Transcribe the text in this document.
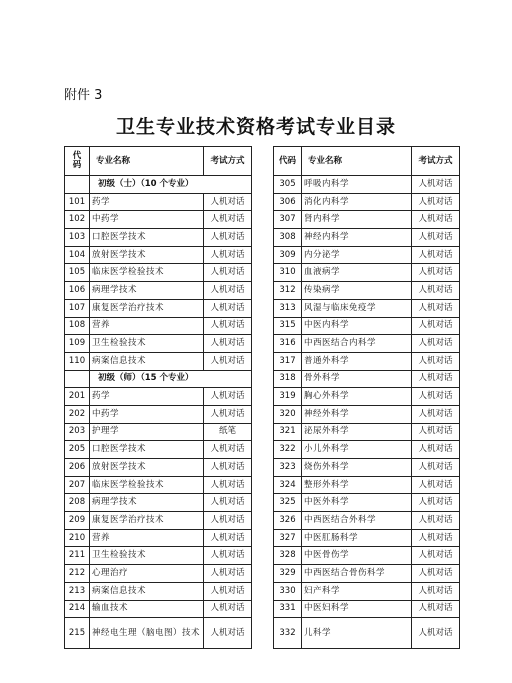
附件 3
卫生专业技术资格考试专业目录
代
码	专业名称	考试方式
	初级（士）（10 个专业）	
101	药学	人机对话
102	中药学	人机对话
103	口腔医学技术	人机对话
104	放射医学技术	人机对话
105	临床医学检验技术	人机对话
106	病理学技术	人机对话
107	康复医学治疗技术	人机对话
108	营养	人机对话
109	卫生检验技术	人机对话
110	病案信息技术	人机对话
	初级（师）（15 个专业）	
201	药学	人机对话
202	中药学	人机对话
203	护理学	纸笔
205	口腔医学技术	人机对话
206	放射医学技术	人机对话
207	临床医学检验技术	人机对话
208	病理学技术	人机对话
209	康复医学治疗技术	人机对话
210	营养	人机对话
211	卫生检验技术	人机对话
212	心理治疗	人机对话
213	病案信息技术	人机对话
214	输血技术	人机对话
215	神经电生理（脑电图）技术	人机对话
代码	专业名称	考试方式
305	呼吸内科学	人机对话
306	消化内科学	人机对话
307	肾内科学	人机对话
308	神经内科学	人机对话
309	内分泌学	人机对话
310	血液病学	人机对话
312	传染病学	人机对话
313	风湿与临床免疫学	人机对话
315	中医内科学	人机对话
316	中西医结合内科学	人机对话
317	普通外科学	人机对话
318	骨外科学	人机对话
319	胸心外科学	人机对话
320	神经外科学	人机对话
321	泌尿外科学	人机对话
322	小儿外科学	人机对话
323	烧伤外科学	人机对话
324	整形外科学	人机对话
325	中医外科学	人机对话
326	中西医结合外科学	人机对话
327	中医肛肠科学	人机对话
328	中医骨伤学	人机对话
329	中西医结合骨伤科学	人机对话
330	妇产科学	人机对话
331	中医妇科学	人机对话
332	儿科学	人机对话
